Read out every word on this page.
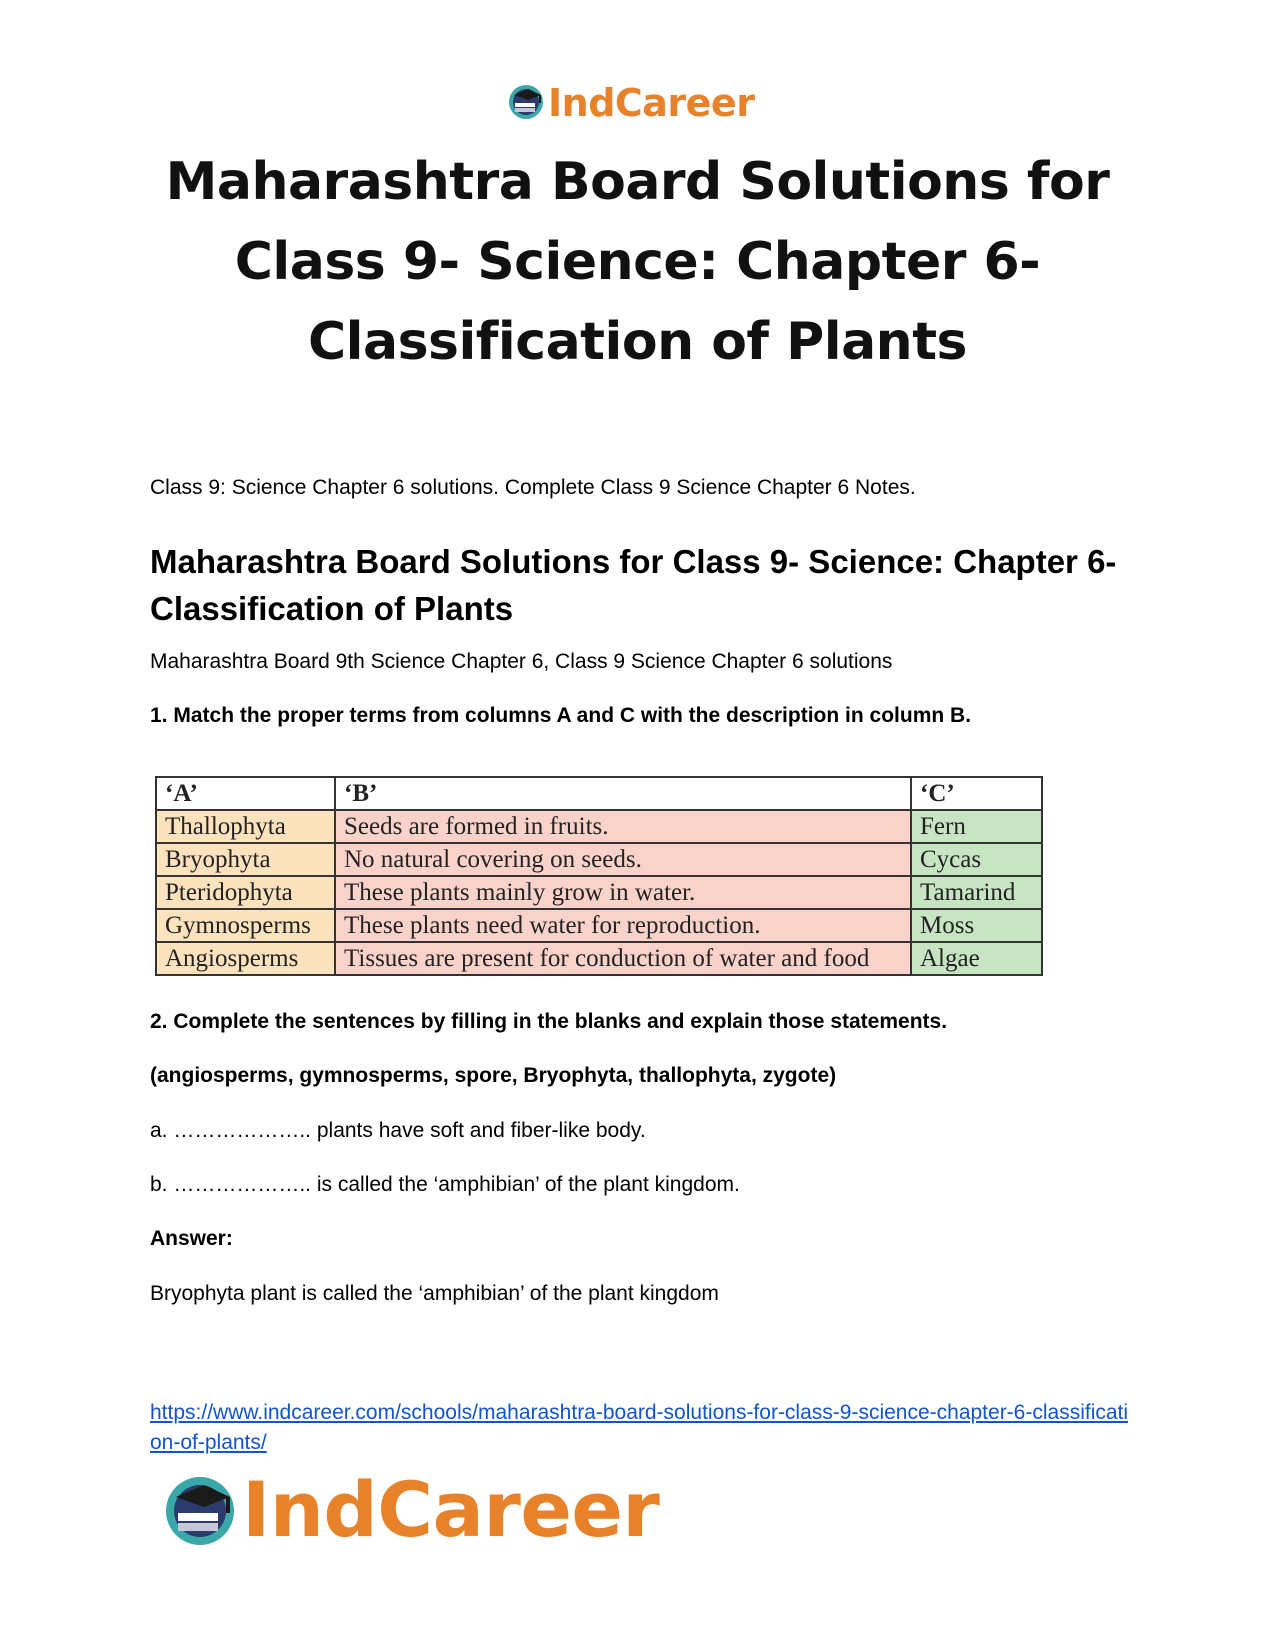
IndCareer
Maharashtra Board Solutions for Class 9- Science: Chapter 6- Classification of Plants

Class 9: Science Chapter 6 solutions. Complete Class 9 Science Chapter 6 Notes.

Maharashtra Board Solutions for Class 9- Science: Chapter 6- Classification of Plants

Maharashtra Board 9th Science Chapter 6, Class 9 Science Chapter 6 solutions

1. Match the proper terms from columns A and C with the description in column B.

‘A’	‘B’	‘C’
Thallophyta	Seeds are formed in fruits.	Fern
Bryophyta	No natural covering on seeds.	Cycas
Pteridophyta	These plants mainly grow in water.	Tamarind
Gymnosperms	These plants need water for reproduction.	Moss
Angiosperms	Tissues are present for conduction of water and food	Algae

2. Complete the sentences by filling in the blanks and explain those statements.

(angiosperms, gymnosperms, spore, Bryophyta, thallophyta, zygote)

a. ……………….. plants have soft and fiber-like body.

b. ……………….. is called the ‘amphibian’ of the plant kingdom.

Answer:

Bryophyta plant is called the ‘amphibian’ of the plant kingdom

https://www.indcareer.com/schools/maharashtra-board-solutions-for-class-9-science-chapter-6-classification-of-plants/

IndCareer
